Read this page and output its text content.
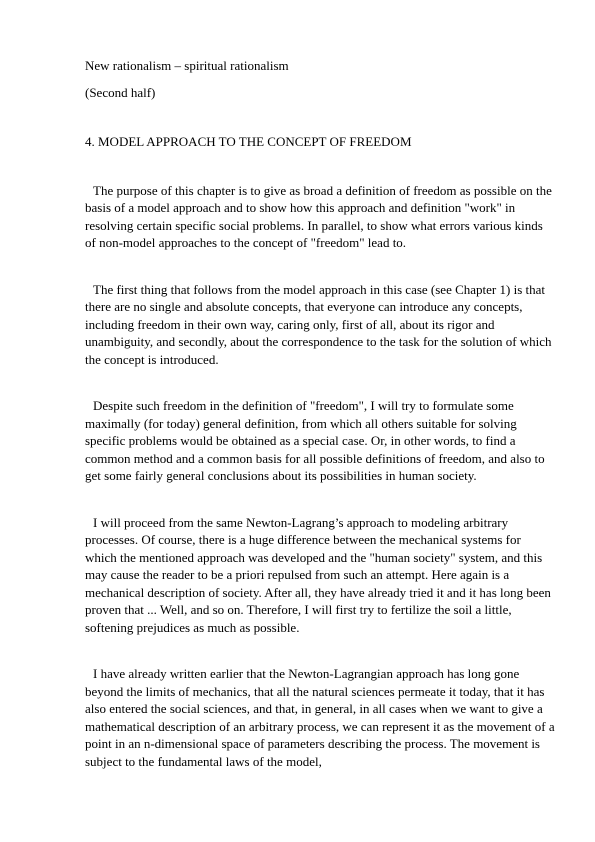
New rationalism – spiritual rationalism

(Second half)

4. MODEL APPROACH TO THE CONCEPT OF FREEDOM

The purpose of this chapter is to give as broad a definition of freedom as possible on the basis of a model approach and to show how this approach and definition "work" in resolving certain specific social problems. In parallel, to show what errors various kinds of non-model approaches to the concept of "freedom" lead to.

The first thing that follows from the model approach in this case (see Chapter 1) is that there are no single and absolute concepts, that everyone can introduce any concepts, including freedom in their own way, caring only, first of all, about its rigor and unambiguity, and secondly, about the correspondence to the task for the solution of which the concept is introduced.

Despite such freedom in the definition of "freedom", I will try to formulate some maximally (for today) general definition, from which all others suitable for solving specific problems would be obtained as a special case. Or, in other words, to find a common method and a common basis for all possible definitions of freedom, and also to get some fairly general conclusions about its possibilities in human society.

I will proceed from the same Newton-Lagrang’s approach to modeling arbitrary processes. Of course, there is a huge difference between the mechanical systems for which the mentioned approach was developed and the "human society" system, and this may cause the reader to be a priori repulsed from such an attempt. Here again is a mechanical description of society. After all, they have already tried it and it has long been proven that ... Well, and so on. Therefore, I will first try to fertilize the soil a little, softening prejudices as much as possible.

I have already written earlier that the Newton-Lagrangian approach has long gone beyond the limits of mechanics, that all the natural sciences permeate it today, that it has also entered the social sciences, and that, in general, in all cases when we want to give a mathematical description of an arbitrary process, we can represent it as the movement of a point in an n-dimensional space of parameters describing the process. The movement is subject to the fundamental laws of the model,
